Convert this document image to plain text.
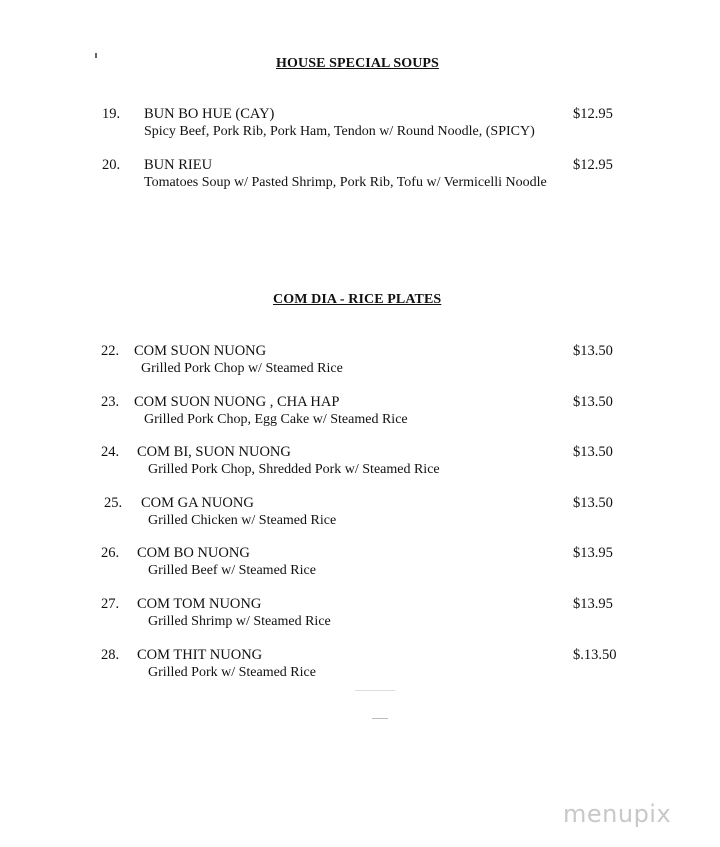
HOUSE SPECIAL SOUPS
19. BUN BO HUE (CAY)
Spicy Beef, Pork Rib, Pork Ham, Tendon w/ Round Noodle, (SPICY)
$12.95
20. BUN RIEU
Tomatoes Soup w/ Pasted Shrimp, Pork Rib, Tofu w/ Vermicelli Noodle
$12.95
COM DIA - RICE PLATES
22. COM SUON NUONG
Grilled Pork Chop w/ Steamed Rice
$13.50
23. COM SUON NUONG , CHA HAP
Grilled Pork Chop, Egg Cake w/ Steamed Rice
$13.50
24. COM BI, SUON NUONG
Grilled Pork Chop, Shredded Pork w/ Steamed Rice
$13.50
25. COM GA NUONG
Grilled Chicken w/ Steamed Rice
$13.50
26. COM BO NUONG
Grilled Beef w/ Steamed Rice
$13.95
27. COM TOM NUONG
Grilled Shrimp w/ Steamed Rice
$13.95
28. COM THIT NUONG
Grilled Pork w/ Steamed Rice
$.13.50
menupix
